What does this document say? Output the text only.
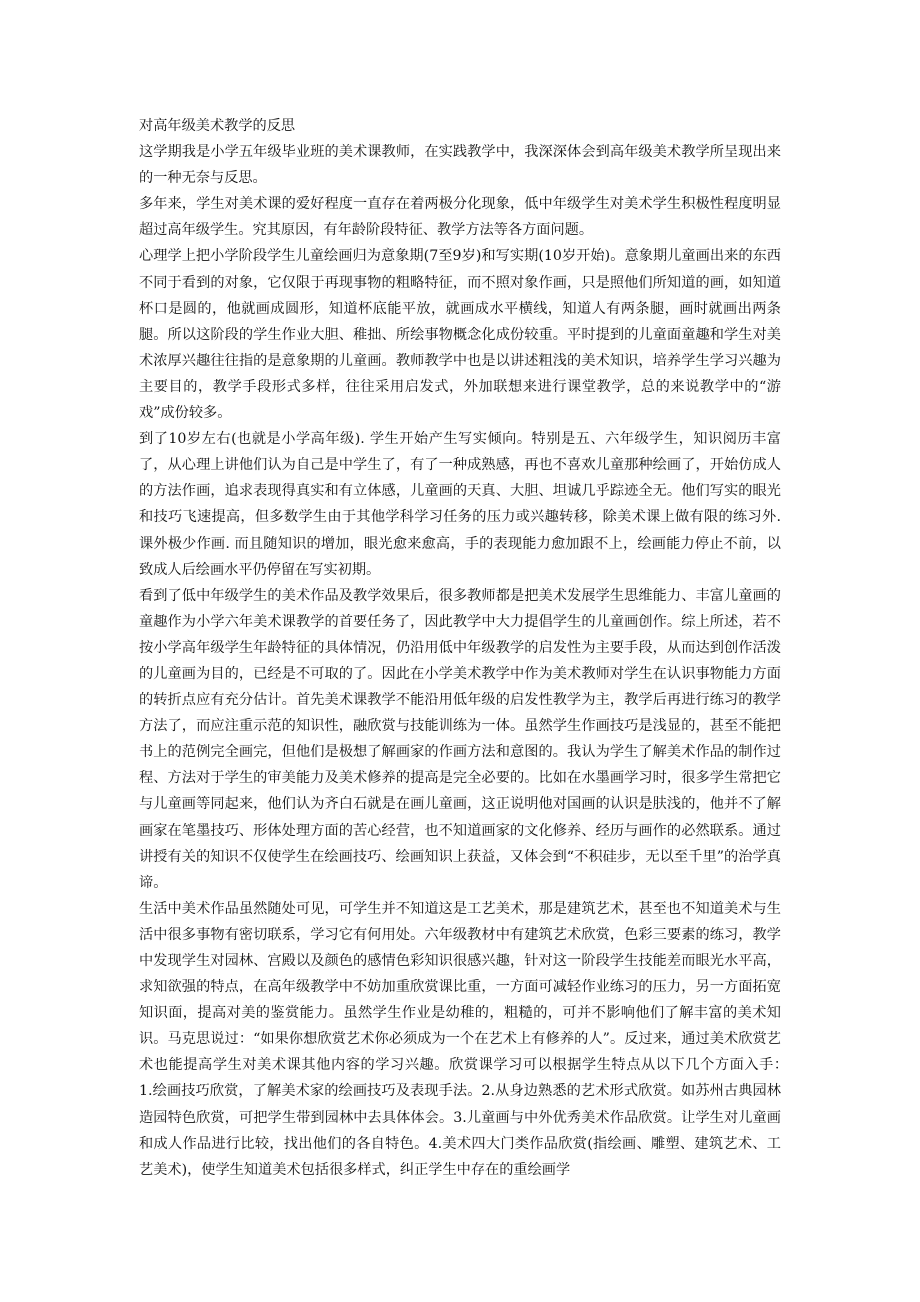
对高年级美术教学的反思

这学期我是小学五年级毕业班的美术课教师，在实践教学中，我深深体会到高年级美术教学所呈现出来的一种无奈与反思。

多年来，学生对美术课的爱好程度一直存在着两极分化现象，低中年级学生对美术学生积极性程度明显超过高年级学生。究其原因，有年龄阶段特征、教学方法等各方面问题。

心理学上把小学阶段学生儿童绘画归为意象期(7至9岁)和写实期(10岁开始)。意象期儿童画出来的东西不同于看到的对象，它仅限于再现事物的粗略特征，而不照对象作画，只是照他们所知道的画，如知道杯口是圆的，他就画成圆形，知道杯底能平放，就画成水平横线，知道人有两条腿，画时就画出两条腿。所以这阶段的学生作业大胆、稚拙、所绘事物概念化成份较重。平时提到的儿童面童趣和学生对美术浓厚兴趣往往指的是意象期的儿童画。教师教学中也是以讲述粗浅的美术知识，培养学生学习兴趣为主要目的，教学手段形式多样，往往采用启发式，外加联想来进行课堂教学，总的来说教学中的“游戏”成份较多。

到了10岁左右(也就是小学高年级). 学生开始产生写实倾向。特别是五、六年级学生，知识阅历丰富了，从心理上讲他们认为自己是中学生了，有了一种成熟感，再也不喜欢儿童那种绘画了，开始仿成人的方法作画，追求表现得真实和有立体感，儿童画的天真、大胆、坦诚几乎踪迹全无。他们写实的眼光和技巧飞速提高，但多数学生由于其他学科学习任务的压力或兴趣转移，除美术课上做有限的练习外. 课外极少作画. 而且随知识的增加，眼光愈来愈高，手的表现能力愈加跟不上，绘画能力停止不前，以致成人后绘画水平仍停留在写实初期。

看到了低中年级学生的美术作品及教学效果后，很多教师都是把美术发展学生思维能力、丰富儿童画的童趣作为小学六年美术课教学的首要任务了，因此教学中大力提倡学生的儿童画创作。综上所述，若不按小学高年级学生年龄特征的具体情况，仍沿用低中年级教学的启发性为主要手段，从而达到创作活泼的儿童画为目的，已经是不可取的了。因此在小学美术教学中作为美术教师对学生在认识事物能力方面的转折点应有充分估计。首先美术课教学不能沿用低年级的启发性教学为主，教学后再进行练习的教学方法了，而应注重示范的知识性，融欣赏与技能训练为一体。虽然学生作画技巧是浅显的，甚至不能把书上的范例完全画完，但他们是极想了解画家的作画方法和意图的。我认为学生了解美术作品的制作过程、方法对于学生的审美能力及美术修养的提高是完全必要的。比如在水墨画学习时，很多学生常把它与儿童画等同起来，他们认为齐白石就是在画儿童画，这正说明他对国画的认识是肤浅的，他并不了解画家在笔墨技巧、形体处理方面的苦心经营，也不知道画家的文化修养、经历与画作的必然联系。通过讲授有关的知识不仅使学生在绘画技巧、绘画知识上获益，又体会到“不积硅步，无以至千里”的治学真谛。

生活中美术作品虽然随处可见，可学生并不知道这是工艺美术，那是建筑艺术，甚至也不知道美术与生活中很多事物有密切联系，学习它有何用处。六年级教材中有建筑艺术欣赏，色彩三要素的练习，教学中发现学生对园林、宫殿以及颜色的感情色彩知识很感兴趣，针对这一阶段学生技能差而眼光水平高，求知欲强的特点，在高年级教学中不妨加重欣赏课比重，一方面可减轻作业练习的压力，另一方面拓宽知识面，提高对美的鉴赏能力。虽然学生作业是幼稚的，粗糙的，可并不影响他们了解丰富的美术知识。马克思说过：“如果你想欣赏艺术你必须成为一个在艺术上有修养的人”。反过来，通过美术欣赏艺术也能提高学生对美术课其他内容的学习兴趣。欣赏课学习可以根据学生特点从以下几个方面入手：　1.绘画技巧欣赏，了解美术家的绘画技巧及表现手法。2.从身边熟悉的艺术形式欣赏。如苏州古典园林造园特色欣赏，可把学生带到园林中去具体体会。3.儿童画与中外优秀美术作品欣赏。让学生对儿童画和成人作品进行比较，找出他们的各自特色。4.美术四大门类作品欣赏(指绘画、雕塑、建筑艺术、工艺美术)，使学生知道美术包括很多样式，纠正学生中存在的重绘画学
